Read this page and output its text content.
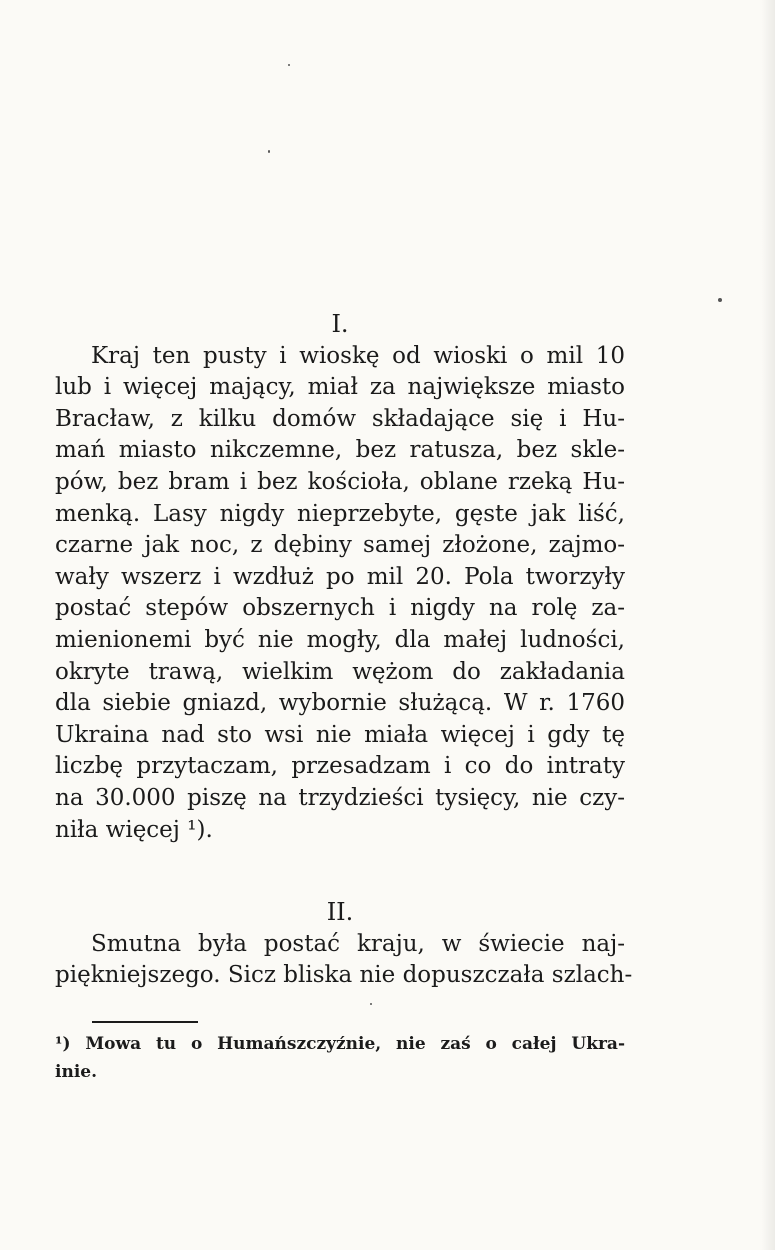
I.
Kraj ten pusty i wioskę od wioski o mil 10
lub i więcej mający, miał za największe miasto
Bracław, z kilku domów składające się i Hu-
mań miasto nikczemne, bez ratusza, bez skle-
pów, bez bram i bez kościoła, oblane rzeką Hu-
menką. Lasy nigdy nieprzebyte, gęste jak liść,
czarne jak noc, z dębiny samej złożone, zajmo-
wały wszerz i wzdłuż po mil 20. Pola tworzyły
postać stepów obszernych i nigdy na rolę za-
mienionemi być nie mogły, dla małej ludności,
okryte trawą, wielkim wężom do zakładania
dla siebie gniazd, wybornie służącą. W r. 1760
Ukraina nad sto wsi nie miała więcej i gdy tę
liczbę przytaczam, przesadzam i co do intraty
na 30.000 piszę na trzydzieści tysięcy, nie czy-
niła więcej ¹).
II.
Smutna była postać kraju, w świecie naj-
piękniejszego. Sicz bliska nie dopuszczała szlach-
¹) Mowa tu o Humańszczyźnie, nie zaś o całej Ukra-
inie.
